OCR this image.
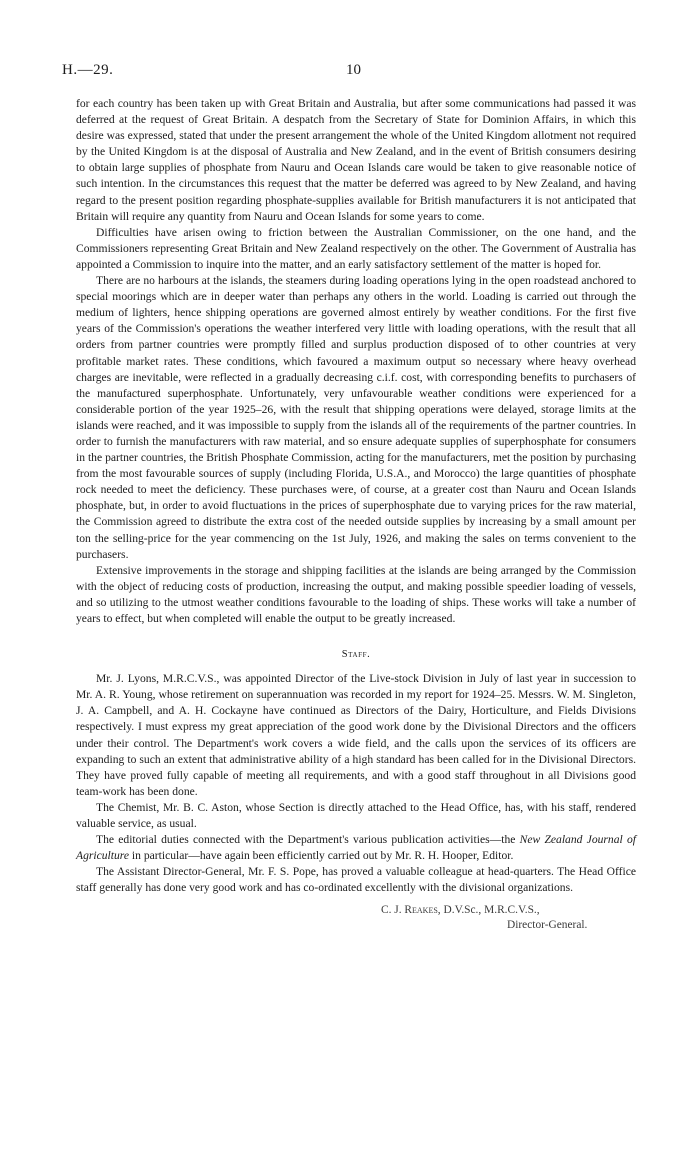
H.—29.	10

for each country has been taken up with Great Britain and Australia, but after some communications had passed it was deferred at the request of Great Britain. A despatch from the Secretary of State for Dominion Affairs, in which this desire was expressed, stated that under the present arrangement the whole of the United Kingdom allotment not required by the United Kingdom is at the disposal of Australia and New Zealand, and in the event of British consumers desiring to obtain large supplies of phosphate from Nauru and Ocean Islands care would be taken to give reasonable notice of such intention. In the circumstances this request that the matter be deferred was agreed to by New Zealand, and having regard to the present position regarding phosphate-supplies available for British manufacturers it is not anticipated that Britain will require any quantity from Nauru and Ocean Islands for some years to come.

Difficulties have arisen owing to friction between the Australian Commissioner, on the one hand, and the Commissioners representing Great Britain and New Zealand respectively on the other. The Government of Australia has appointed a Commission to inquire into the matter, and an early satisfactory settlement of the matter is hoped for.

There are no harbours at the islands, the steamers during loading operations lying in the open roadstead anchored to special moorings which are in deeper water than perhaps any others in the world. Loading is carried out through the medium of lighters, hence shipping operations are governed almost entirely by weather conditions. For the first five years of the Commission's operations the weather interfered very little with loading operations, with the result that all orders from partner countries were promptly filled and surplus production disposed of to other countries at very profitable market rates. These conditions, which favoured a maximum output so necessary where heavy overhead charges are inevitable, were reflected in a gradually decreasing c.i.f. cost, with corresponding benefits to purchasers of the manufactured superphosphate. Unfortunately, very unfavourable weather conditions were experienced for a considerable portion of the year 1925–26, with the result that shipping operations were delayed, storage limits at the islands were reached, and it was impossible to supply from the islands all of the requirements of the partner countries. In order to furnish the manufacturers with raw material, and so ensure adequate supplies of superphosphate for consumers in the partner countries, the British Phosphate Commission, acting for the manufacturers, met the position by purchasing from the most favourable sources of supply (including Florida, U.S.A., and Morocco) the large quantities of phosphate rock needed to meet the deficiency. These purchases were, of course, at a greater cost than Nauru and Ocean Islands phosphate, but, in order to avoid fluctuations in the prices of superphosphate due to varying prices for the raw material, the Commission agreed to distribute the extra cost of the needed outside supplies by increasing by a small amount per ton the selling-price for the year commencing on the 1st July, 1926, and making the sales on terms convenient to the purchasers.

Extensive improvements in the storage and shipping facilities at the islands are being arranged by the Commission with the object of reducing costs of production, increasing the output, and making possible speedier loading of vessels, and so utilizing to the utmost weather conditions favourable to the loading of ships. These works will take a number of years to effect, but when completed will enable the output to be greatly increased.

Staff.

Mr. J. Lyons, M.R.C.V.S., was appointed Director of the Live-stock Division in July of last year in succession to Mr. A. R. Young, whose retirement on superannuation was recorded in my report for 1924–25. Messrs. W. M. Singleton, J. A. Campbell, and A. H. Cockayne have continued as Directors of the Dairy, Horticulture, and Fields Divisions respectively. I must express my great appreciation of the good work done by the Divisional Directors and the officers under their control. The Department's work covers a wide field, and the calls upon the services of its officers are expanding to such an extent that administrative ability of a high standard has been called for in the Divisional Directors. They have proved fully capable of meeting all requirements, and with a good staff throughout in all Divisions good team-work has been done.

The Chemist, Mr. B. C. Aston, whose Section is directly attached to the Head Office, has, with his staff, rendered valuable service, as usual.

The editorial duties connected with the Department's various publication activities—the New Zealand Journal of Agriculture in particular—have again been efficiently carried out by Mr. R. H. Hooper, Editor.

The Assistant Director-General, Mr. F. S. Pope, has proved a valuable colleague at head-quarters. The Head Office staff generally has done very good work and has co-ordinated excellently with the divisional organizations.

C. J. Reakes, D.V.Sc., M.R.C.V.S.,
Director-General.
